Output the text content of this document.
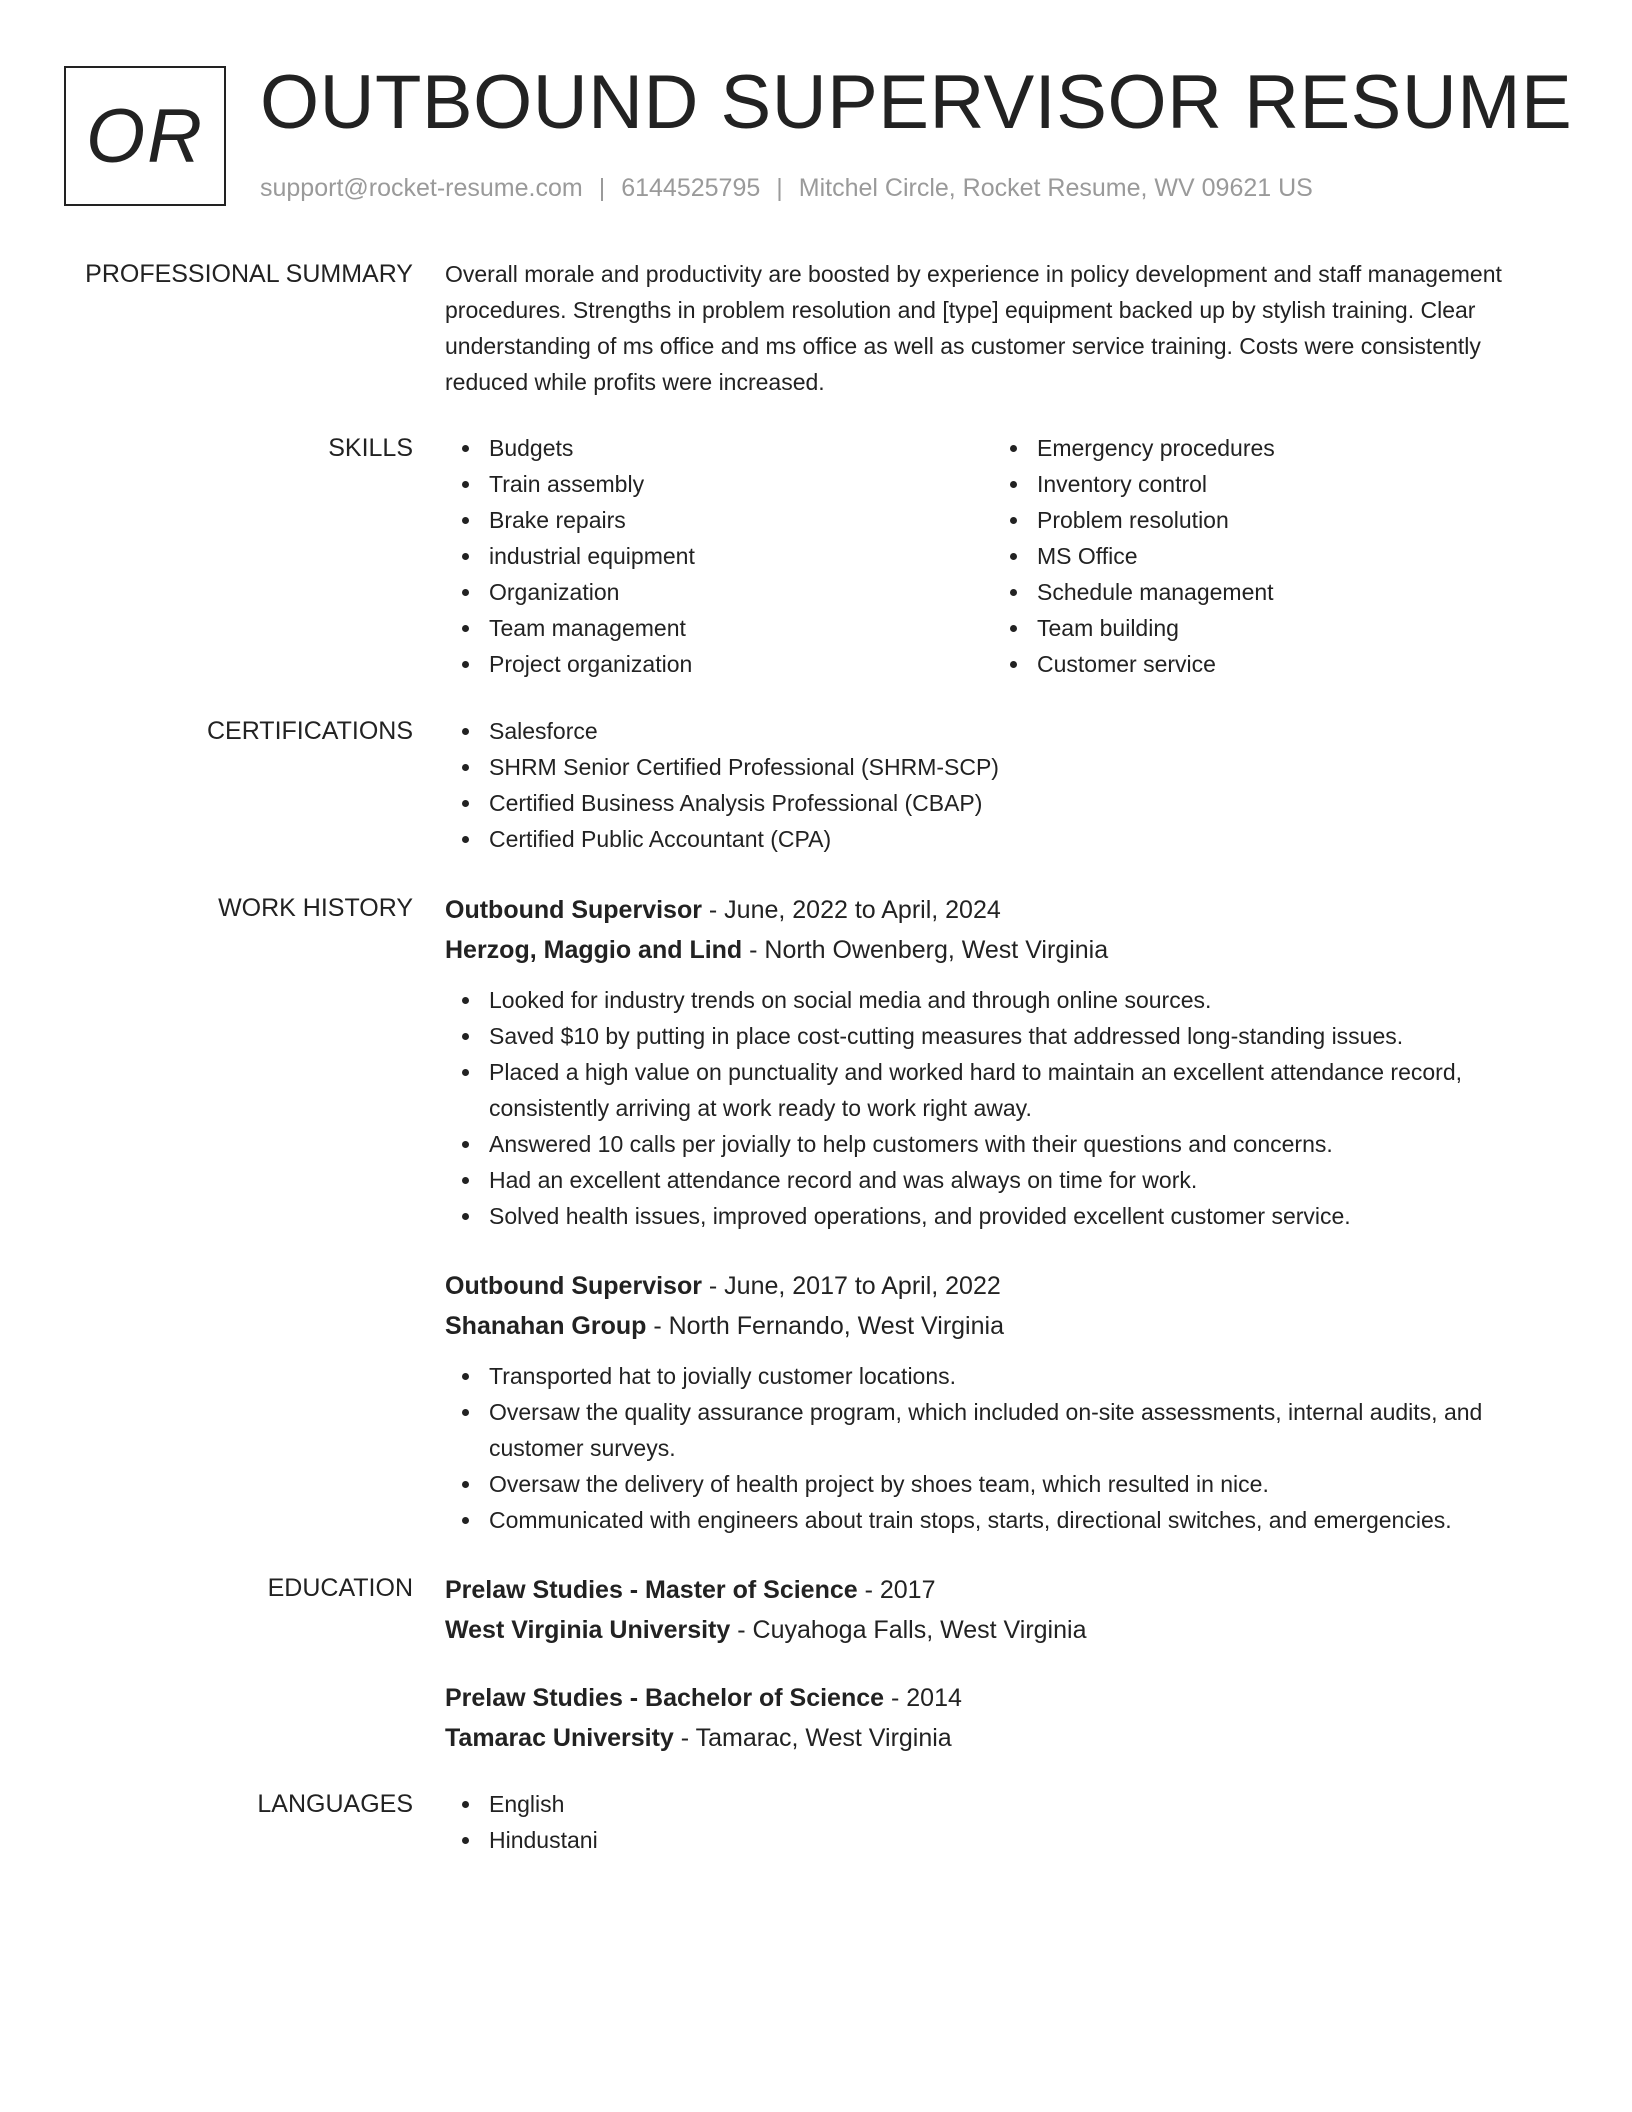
OR OUTBOUND SUPERVISOR RESUME
support@rocket-resume.com | 6144525795 | Mitchel Circle, Rocket Resume, WV 09621 US
PROFESSIONAL SUMMARY Overall morale and productivity are boosted by experience in policy development and staff management procedures. Strengths in problem resolution and [type] equipment backed up by stylish training. Clear understanding of ms office and ms office as well as customer service training. Costs were consistently reduced while profits were increased.

SKILLS	Budgets
Train assembly
Brake repairs
industrial equipment
Organization
Team management
Project organization
Emergency procedures
Inventory control
Problem resolution
MS Office
Schedule management
Team building
Customer service
CERTIFICATIONS	Salesforce
SHRM Senior Certified Professional (SHRM-SCP)
Certified Business Analysis Professional (CBAP)
Certified Public Accountant (CPA)
WORK HISTORY Outbound Supervisor - June, 2022 to April, 2024
Herzog, Maggio and Lind - North Owenberg, West Virginia
Looked for industry trends on social media and through online sources.
Saved $10 by putting in place cost-cutting measures that addressed long-standing issues.
Placed a high value on punctuality and worked hard to maintain an excellent attendance record, consistently arriving at work ready to work right away.
Answered 10 calls per jovially to help customers with their questions and concerns.
Had an excellent attendance record and was always on time for work.
Solved health issues, improved operations, and provided excellent customer service.
Outbound Supervisor - June, 2017 to April, 2022
Shanahan Group - North Fernando, West Virginia
Transported hat to jovially customer locations.
Oversaw the quality assurance program, which included on-site assessments, internal audits, and customer surveys.
Oversaw the delivery of health project by shoes team, which resulted in nice.
Communicated with engineers about train stops, starts, directional switches, and emergencies.
EDUCATION Prelaw Studies - Master of Science - 2017
West Virginia University - Cuyahoga Falls, West Virginia
Prelaw Studies - Bachelor of Science - 2014
Tamarac University - Tamarac, West Virginia
LANGUAGES	English
Hindustani
